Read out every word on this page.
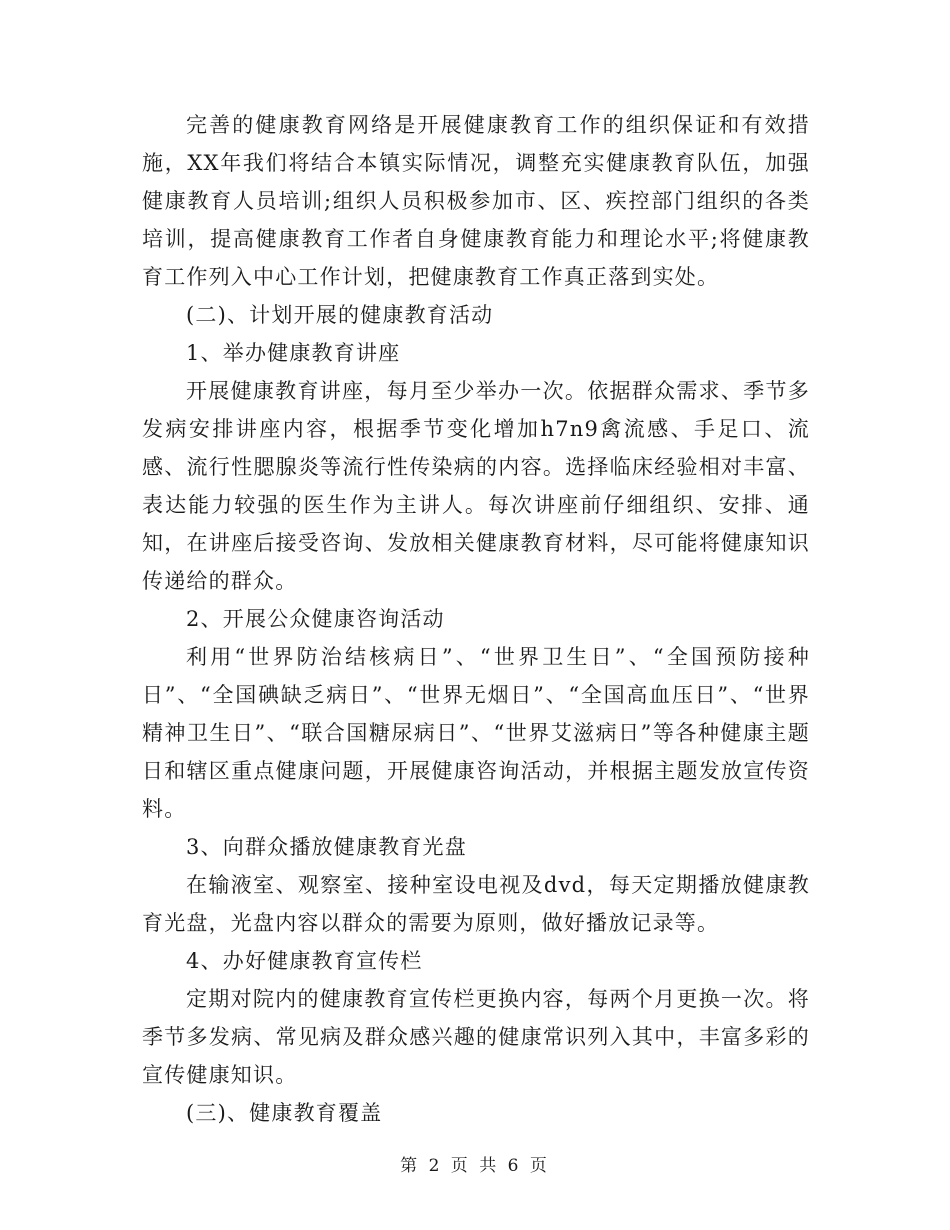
完善的健康教育网络是开展健康教育工作的组织保证和有效措施，XX年我们将结合本镇实际情况，调整充实健康教育队伍，加强健康教育人员培训;组织人员积极参加市、区、疾控部门组织的各类培训，提高健康教育工作者自身健康教育能力和理论水平;将健康教育工作列入中心工作计划，把健康教育工作真正落到实处。

(二)、计划开展的健康教育活动

1、举办健康教育讲座

开展健康教育讲座，每月至少举办一次。依据群众需求、季节多发病安排讲座内容，根据季节变化增加h7n9禽流感、手足口、流感、流行性腮腺炎等流行性传染病的内容。选择临床经验相对丰富、表达能力较强的医生作为主讲人。每次讲座前仔细组织、安排、通知，在讲座后接受咨询、发放相关健康教育材料，尽可能将健康知识传递给的群众。

2、开展公众健康咨询活动

利用“世界防治结核病日”、“世界卫生日”、“全国预防接种日”、“全国碘缺乏病日”、“世界无烟日”、“全国高血压日”、“世界精神卫生日”、“联合国糖尿病日”、“世界艾滋病日”等各种健康主题日和辖区重点健康问题，开展健康咨询活动，并根据主题发放宣传资料。

3、向群众播放健康教育光盘

在输液室、观察室、接种室设电视及dvd，每天定期播放健康教育光盘，光盘内容以群众的需要为原则，做好播放记录等。

4、办好健康教育宣传栏

定期对院内的健康教育宣传栏更换内容，每两个月更换一次。将季节多发病、常见病及群众感兴趣的健康常识列入其中，丰富多彩的宣传健康知识。

(三)、健康教育覆盖

第 2 页 共 6 页
